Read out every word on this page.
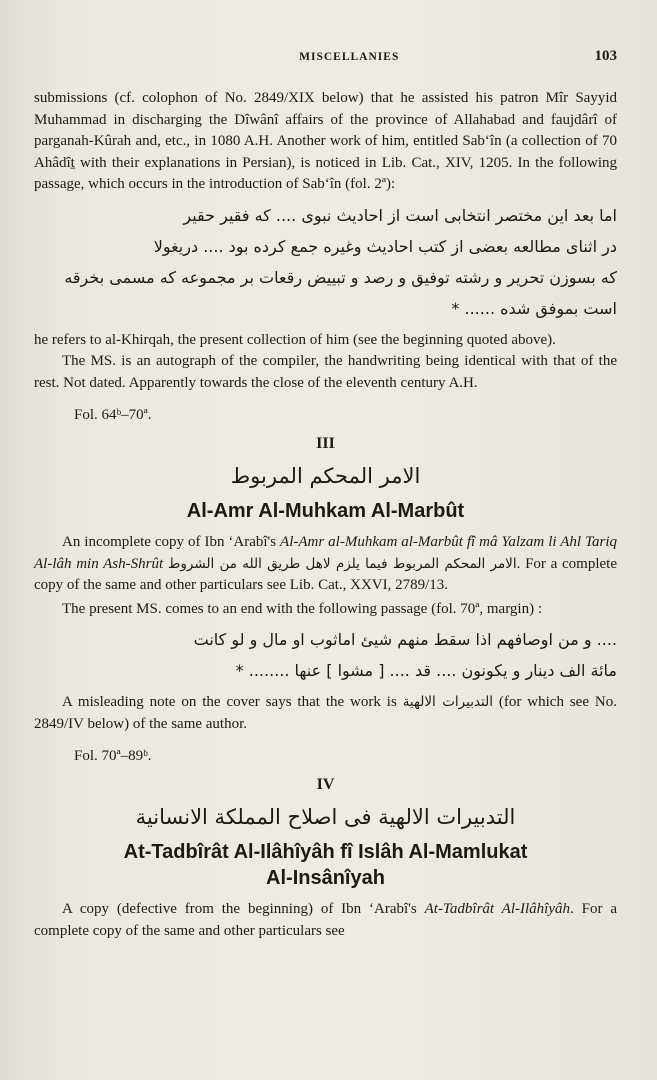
MISCELLANIES	103

submissions (cf. colophon of No. 2849/XIX below) that he assisted his patron Mîr Sayyid Muhammad in discharging the Dîwânî affairs of the province of Allahabad and faujdârî of parganah-Kûrah and, etc., in 1080 A.H. Another work of him, entitled Sab‘în (a collection of 70 Ahâdîṯ with their explanations in Persian), is noticed in Lib. Cat., XIV, 1205. In the following passage, which occurs in the introduction of Sab‘în (fol. 2ª):

اما بعد این مختصر انتخابی است از احادیث نبوی .... که فقیر حقیر
در اثنای مطالعه بعضی از کتب احادیث وغیره جمع کرده بود .... دریغولا
که بسوزن تحریر و رشته توفیق و رصد و تبییض رقعات بر مجموعه که مسمی بخرقه
است بموفق شده ...... *

he refers to al-Khirqah, the present collection of him (see the beginning quoted above).

The MS. is an autograph of the compiler, the handwriting being identical with that of the rest. Not dated. Apparently towards the close of the eleventh century A.H.

Fol. 64ᵇ–70ª.

III
الامر المحکم المربوط
Al-Amr Al-Muhkam Al-Marbût

An incomplete copy of Ibn ‘Arabî's Al-Amr al-Muhkam al-Marbût fî mâ Yalzam li Ahl Tariq Al-lâh min Ash-Shrût الامر المحکم المربوط فیما یلزم لاهل طریق الله من الشروط. For a complete copy of the same and other particulars see Lib. Cat., XXVI, 2789/13.

The present MS. comes to an end with the following passage (fol. 70ª, margin) :

.... و من اوصافهم اذا سقط منهم شیئ اماثوب او مال و لو کانت
مائة الف دینار و یکونون .... قد .... [ مشوا ] عنها ........ *

A misleading note on the cover says that the work is التدبیرات الالهیة (for which see No. 2849/IV below) of the same author.

Fol. 70ª–89ᵇ.

IV
التدبیرات الالهیة فی اصلاح المملکة الانسانیة
At-Tadbîrât Al-Ilâhîyâh fî Islâh Al-Mamlukat
Al-Insânîyah

A copy (defective from the beginning) of Ibn ‘Arabî's At-Tadbîrât Al-Ilâhîyâh. For a complete copy of the same and other particulars see
